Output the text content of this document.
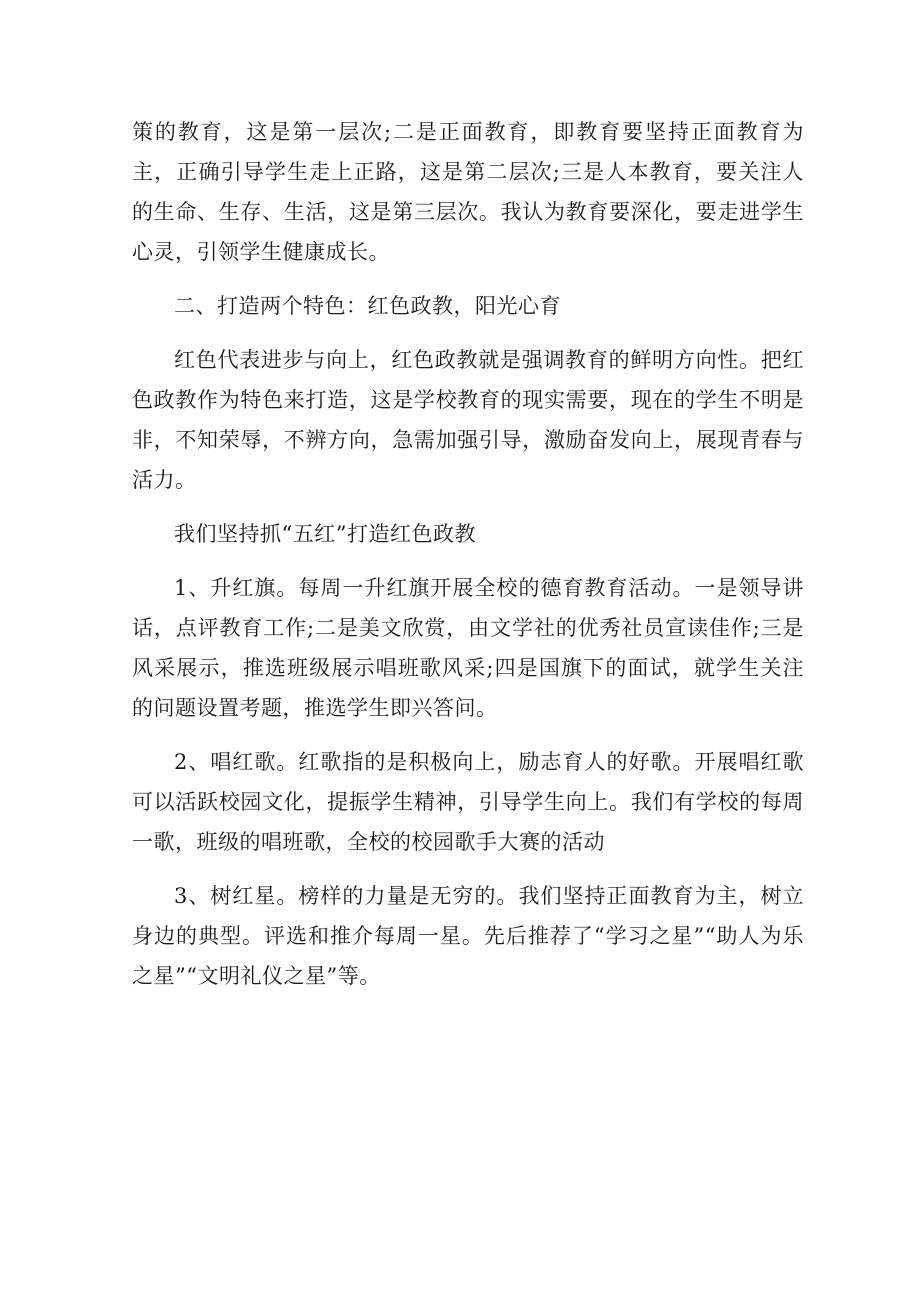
策的教育，这是第一层次;二是正面教育，即教育要坚持正面教育为主，正确引导学生走上正路，这是第二层次;三是人本教育，要关注人的生命、生存、生活，这是第三层次。我认为教育要深化，要走进学生心灵，引领学生健康成长。

二、打造两个特色：红色政教，阳光心育

红色代表进步与向上，红色政教就是强调教育的鲜明方向性。把红色政教作为特色来打造，这是学校教育的现实需要，现在的学生不明是非，不知荣辱，不辨方向，急需加强引导，激励奋发向上，展现青春与活力。

我们坚持抓“五红”打造红色政教

1、升红旗。每周一升红旗开展全校的德育教育活动。一是领导讲话，点评教育工作;二是美文欣赏，由文学社的优秀社员宣读佳作;三是风采展示，推选班级展示唱班歌风采;四是国旗下的面试，就学生关注的问题设置考题，推选学生即兴答问。

2、唱红歌。红歌指的是积极向上，励志育人的好歌。开展唱红歌可以活跃校园文化，提振学生精神，引导学生向上。我们有学校的每周一歌，班级的唱班歌，全校的校园歌手大赛的活动

3、树红星。榜样的力量是无穷的。我们坚持正面教育为主，树立身边的典型。评选和推介每周一星。先后推荐了“学习之星”“助人为乐之星”“文明礼仪之星”等。
